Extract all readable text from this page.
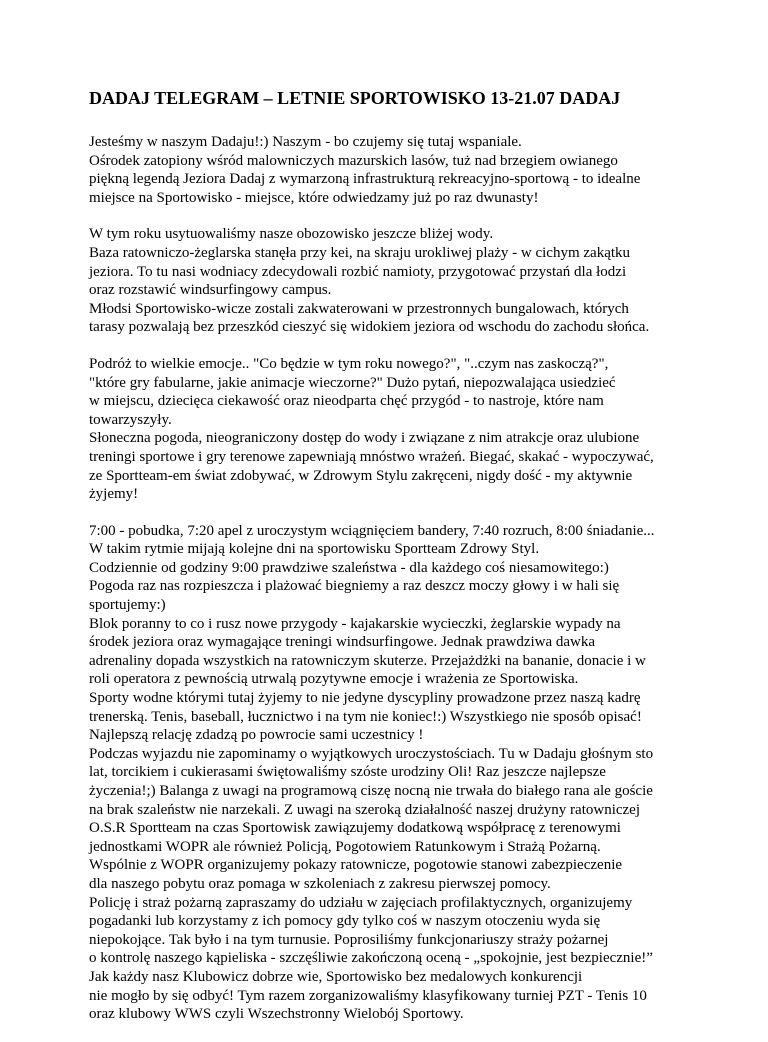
DADAJ TELEGRAM – LETNIE SPORTOWISKO 13-21.07 DADAJ
Jesteśmy w naszym Dadaju!:) Naszym - bo czujemy się tutaj wspaniale.
Ośrodek zatopiony wśród malowniczych mazurskich lasów, tuż nad brzegiem owianego
piękną legendą Jeziora Dadaj z wymarzoną infrastrukturą rekreacyjno-sportową - to idealne
miejsce na Sportowisko - miejsce, które odwiedzamy już po raz dwunasty!
W tym roku usytuowaliśmy nasze obozowisko jeszcze bliżej wody.
Baza ratowniczo-żeglarska stanęła przy kei, na skraju urokliwej plaży - w cichym zakątku
jeziora. To tu nasi wodniacy zdecydowali rozbić namioty, przygotować przystań dla łodzi
oraz rozstawić windsurfingowy campus.
Młodsi Sportowisko-wicze zostali zakwaterowani w przestronnych bungalowach, których
tarasy pozwalają bez przeszkód cieszyć się widokiem jeziora od wschodu do zachodu słońca.
Podróż to wielkie emocje.. "Co będzie w tym roku nowego?", "..czym nas zaskoczą?",
"które gry fabularne, jakie animacje wieczorne?" Dużo pytań, niepozwalająca usiedzieć
w miejscu, dziecięca ciekawość oraz nieodparta chęć przygód - to nastroje, które nam
towarzyszyły.
Słoneczna pogoda, nieograniczony dostęp do wody i związane z nim atrakcje oraz ulubione
treningi sportowe i gry terenowe zapewniają mnóstwo wrażeń. Biegać, skakać - wypoczywać,
ze Sportteam-em świat zdobywać, w Zdrowym Stylu zakręceni, nigdy dość - my aktywnie
żyjemy!
7:00 - pobudka, 7:20 apel z uroczystym wciągnięciem bandery, 7:40 rozruch, 8:00 śniadanie...
W takim rytmie mijają kolejne dni na sportowisku Sportteam Zdrowy Styl.
Codziennie od godziny 9:00 prawdziwe szaleństwa - dla każdego coś niesamowitego:)
Pogoda raz nas rozpieszcza i plażować biegniemy a raz deszcz moczy głowy i w hali się
sportujemy:)
Blok poranny to co i rusz nowe przygody - kajakarskie wycieczki, żeglarskie wypady na
środek jeziora oraz wymagające treningi windsurfingowe. Jednak prawdziwa dawka
adrenaliny dopada wszystkich na ratowniczym skuterze. Przejażdżki na bananie, donacie i w
roli operatora z pewnością utrwalą pozytywne emocje i wrażenia ze Sportowiska.
Sporty wodne którymi tutaj żyjemy to nie jedyne dyscypliny prowadzone przez naszą kadrę
trenerską. Tenis, baseball, łucznictwo i na tym nie koniec!:) Wszystkiego nie sposób opisać!
Najlepszą relację zdadzą po powrocie sami uczestnicy !
Podczas wyjazdu nie zapominamy o wyjątkowych uroczystościach. Tu w Dadaju głośnym sto
lat, torcikiem i cukierasami świętowaliśmy szóste urodziny Oli! Raz jeszcze najlepsze
życzenia!;) Balanga z uwagi na programową ciszę nocną nie trwała do białego rana ale goście
na brak szaleństw nie narzekali. Z uwagi na szeroką działalność naszej drużyny ratowniczej
O.S.R Sportteam na czas Sportowisk zawiązujemy dodatkową współpracę z terenowymi
jednostkami WOPR ale również Policją, Pogotowiem Ratunkowym i Strażą Pożarną.
Wspólnie z WOPR organizujemy pokazy ratownicze, pogotowie stanowi zabezpieczenie
dla naszego pobytu oraz pomaga w szkoleniach z zakresu pierwszej pomocy.
Policję i straż pożarną zapraszamy do udziału w zajęciach profilaktycznych, organizujemy
pogadanki lub korzystamy z ich pomocy gdy tylko coś w naszym otoczeniu wyda się
niepokojące. Tak było i na tym turnusie. Poprosiliśmy funkcjonariuszy straży pożarnej
o kontrolę naszego kąpieliska - szczęśliwie zakończoną oceną - „spokojnie, jest bezpiecznie!”
Jak każdy nasz Klubowicz dobrze wie, Sportowisko bez medalowych konkurencji
nie mogło by się odbyć! Tym razem zorganizowaliśmy klasyfikowany turniej PZT - Tenis 10
oraz klubowy WWS czyli Wszechstronny Wielobój Sportowy.
